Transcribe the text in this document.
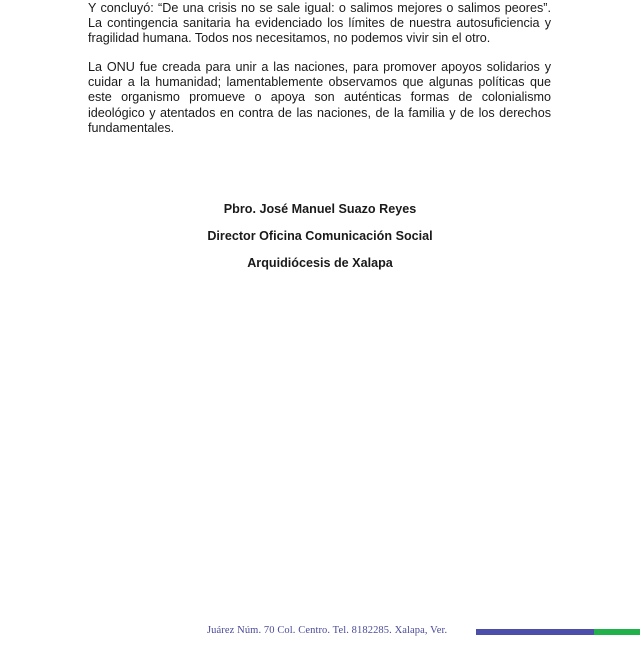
Y concluyó: “De una crisis no se sale igual: o salimos mejores o salimos peores”. La contingencia sanitaria ha evidenciado los límites de nuestra autosuficiencia y fragilidad humana. Todos nos necesitamos, no podemos vivir sin el otro.

La ONU fue creada para unir a las naciones, para promover apoyos solidarios y cuidar a la humanidad; lamentablemente observamos que algunas políticas que este organismo promueve o apoya son auténticas formas de colonialismo ideológico y atentados en contra de las naciones, de la familia y de los derechos fundamentales.

Pbro. José Manuel Suazo Reyes

Director Oficina Comunicación Social

Arquidiócesis de Xalapa

Juárez Núm. 70 Col. Centro. Tel. 8182285. Xalapa, Ver.
